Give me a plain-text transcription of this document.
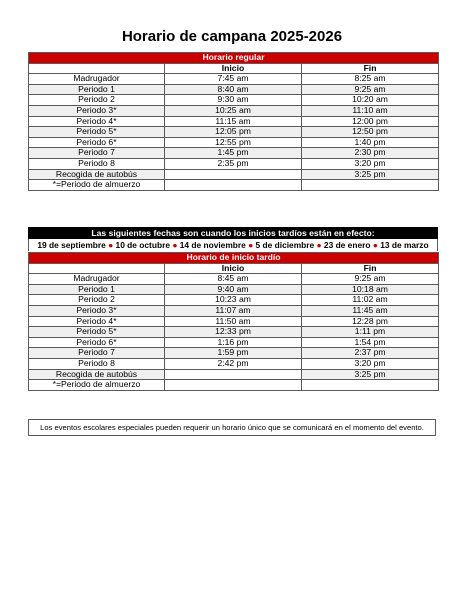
Horario de campana 2025-2026
Horario regular		
	Inicio	Fin
Madrugador	7:45 am	8:25 am
Periodo 1	8:40 am	9:25 am
Periodo 2	9:30 am	10:20 am
Periodo 3*	10:25 am	11:10 am
Periodo 4*	11:15 am	12:00 pm
Periodo 5*	12:05 pm	12:50 pm
Periodo 6*	12:55 pm	1:40 pm
Periodo 7	1:45 pm	2:30 pm
Periodo 8	2:35 pm	3:20 pm
Recogida de autobús		3:25 pm
*=Periodo de almuerzo		
Las siguientes fechas son cuando los inicios tardíos están en efecto:
19 de septiembre ● 10 de octubre ● 14 de noviembre ● 5 de diciembre ● 23 de enero ● 13 de marzo
Horario de inicio tardío		
	Inicio	Fin
Madrugador	8:45 am	9:25 am
Periodo 1	9:40 am	10:18 am
Periodo 2	10:23 am	11:02 am
Periodo 3*	11:07 am	11:45 am
Periodo 4*	11:50 am	12:28 pm
Periodo 5*	12:33 pm	1:11 pm
Periodo 6*	1:16 pm	1:54 pm
Periodo 7	1:59 pm	2:37 pm
Periodo 8	2:42 pm	3:20 pm
Recogida de autobús		3:25 pm
*=Periodo de almuerzo		
Los eventos escolares especiales pueden requerir un horario único que se comunicará en el momento del evento.
